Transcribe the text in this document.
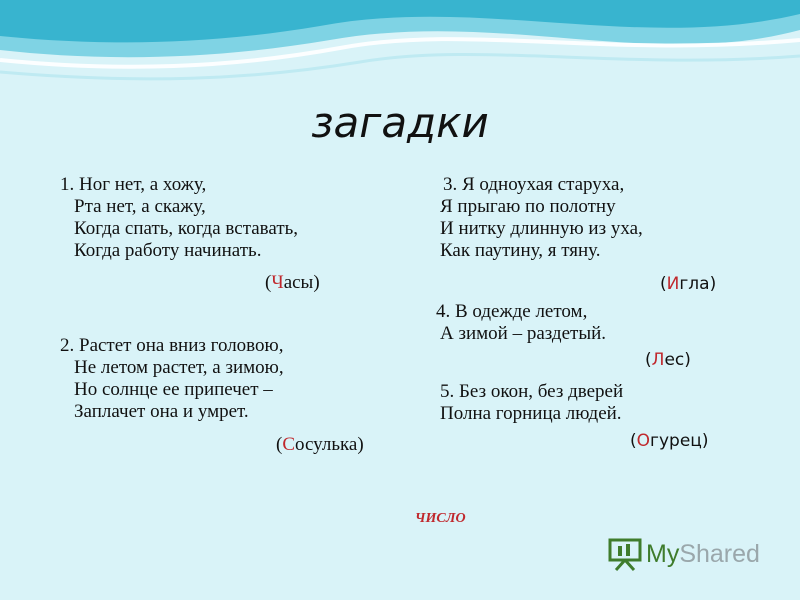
загадки
1. Ног нет, а хожу,
Рта нет, а скажу,
Когда спать, когда вставать,
Когда работу начинать.
(Часы)
2. Растет она вниз головою,
Не летом растет, а зимою,
Но солнце ее припечет –
Заплачет она и умрет.
(Сосулька)
3. Я одноухая старуха,
Я прыгаю по полотну
И нитку длинную из уха,
Как паутину, я тяну.
(Игла)
4. В одежде летом,
А зимой – раздетый.
(Лес)
5. Без окон, без дверей
Полна горница людей.
(Огурец)
ЧИСЛО
My Shared
